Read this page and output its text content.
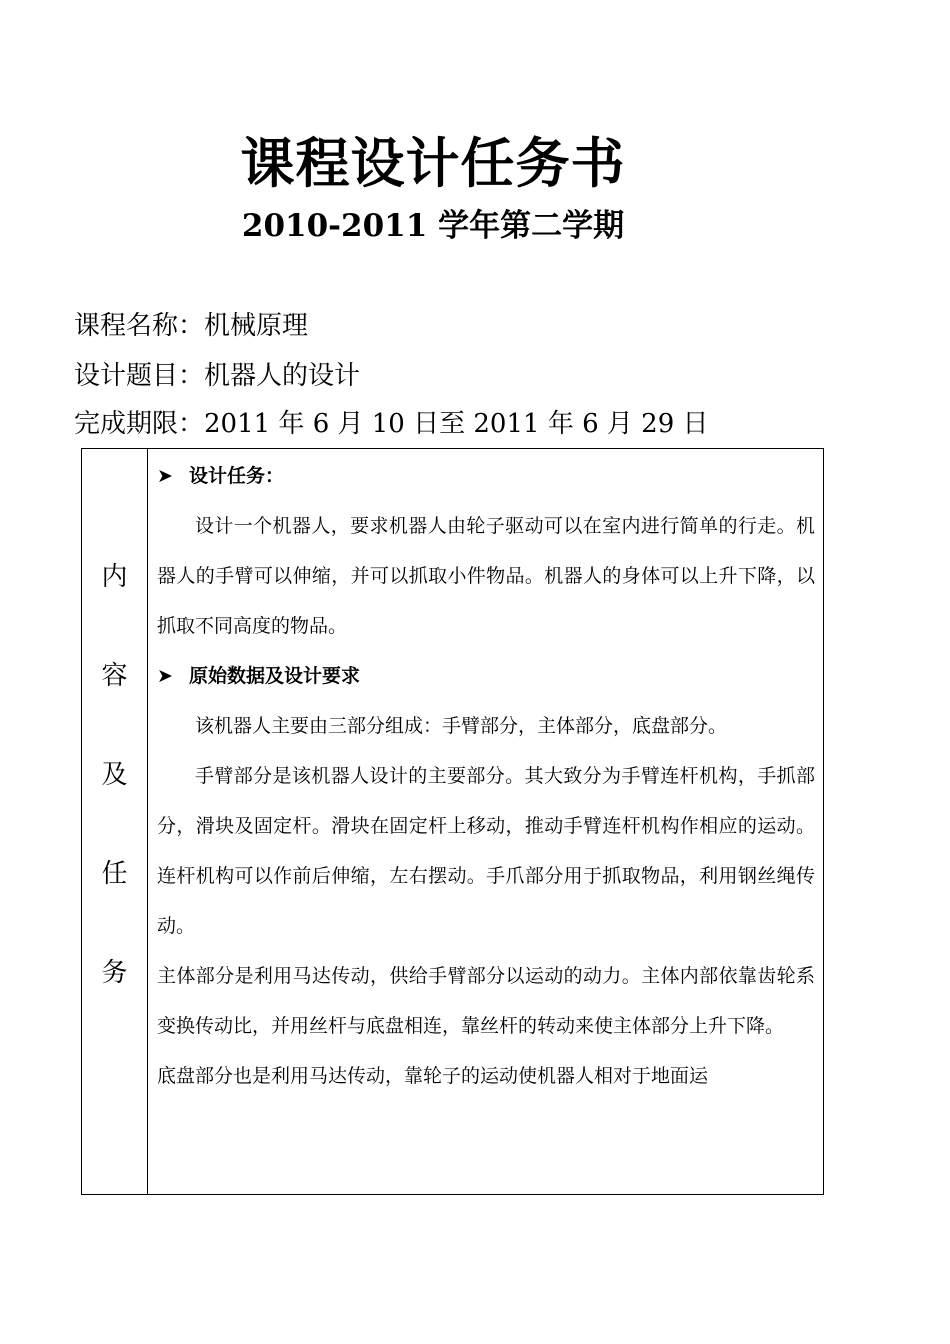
课程设计任务书
2010-2011 学年第二学期
课程名称：机械原理
设计题目：机器人的设计
完成期限：2011 年 6 月 10 日至 2011 年 6 月 29 日
内
容
及
任
务
➤ 设计任务：
设计一个机器人，要求机器人由轮子驱动可以在室内进行简单的行走。机器人的手臂可以伸缩，并可以抓取小件物品。机器人的身体可以上升下降，以抓取不同高度的物品。
➤ 原始数据及设计要求
该机器人主要由三部分组成：手臂部分，主体部分，底盘部分。
手臂部分是该机器人设计的主要部分。其大致分为手臂连杆机构，手抓部分，滑块及固定杆。滑块在固定杆上移动，推动手臂连杆机构作相应的运动。连杆机构可以作前后伸缩，左右摆动。手爪部分用于抓取物品，利用钢丝绳传动。
主体部分是利用马达传动，供给手臂部分以运动的动力。主体内部依靠齿轮系变换传动比，并用丝杆与底盘相连，靠丝杆的转动来使主体部分上升下降。
底盘部分也是利用马达传动，靠轮子的运动使机器人相对于地面运
